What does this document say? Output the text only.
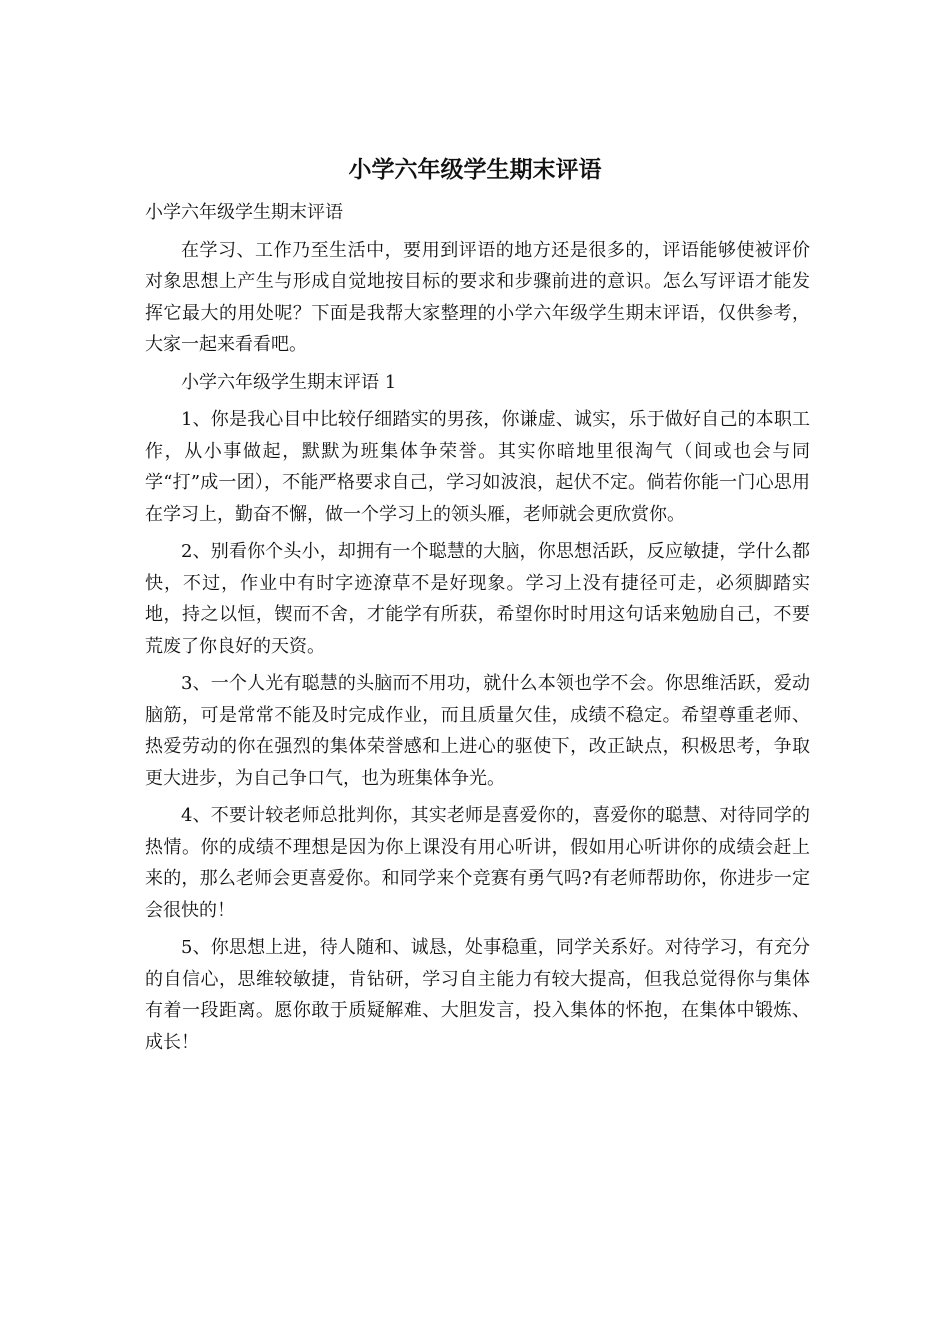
小学六年级学生期末评语

小学六年级学生期末评语

在学习、工作乃至生活中，要用到评语的地方还是很多的，评语能够使被评价对象思想上产生与形成自觉地按目标的要求和步骤前进的意识。怎么写评语才能发挥它最大的用处呢？下面是我帮大家整理的小学六年级学生期末评语，仅供参考，大家一起来看看吧。

小学六年级学生期末评语 1

1、你是我心目中比较仔细踏实的男孩，你谦虚、诚实，乐于做好自己的本职工作，从小事做起，默默为班集体争荣誉。其实你暗地里很淘气（间或也会与同学“打”成一团），不能严格要求自己，学习如波浪，起伏不定。倘若你能一门心思用在学习上，勤奋不懈，做一个学习上的领头雁，老师就会更欣赏你。

2、别看你个头小，却拥有一个聪慧的大脑，你思想活跃，反应敏捷，学什么都快，不过，作业中有时字迹潦草不是好现象。学习上没有捷径可走，必须脚踏实地，持之以恒，锲而不舍，才能学有所获，希望你时时用这句话来勉励自己，不要荒废了你良好的天资。

3、一个人光有聪慧的头脑而不用功，就什么本领也学不会。你思维活跃，爱动脑筋，可是常常不能及时完成作业，而且质量欠佳，成绩不稳定。希望尊重老师、热爱劳动的你在强烈的集体荣誉感和上进心的驱使下，改正缺点，积极思考，争取更大进步，为自己争口气，也为班集体争光。

4、不要计较老师总批判你，其实老师是喜爱你的，喜爱你的聪慧、对待同学的热情。你的成绩不理想是因为你上课没有用心听讲，假如用心听讲你的成绩会赶上来的，那么老师会更喜爱你。和同学来个竞赛有勇气吗?有老师帮助你，你进步一定会很快的！

5、你思想上进，待人随和、诚恳，处事稳重，同学关系好。对待学习，有充分的自信心，思维较敏捷，肯钻研，学习自主能力有较大提高，但我总觉得你与集体有着一段距离。愿你敢于质疑解难、大胆发言，投入集体的怀抱，在集体中锻炼、成长！
